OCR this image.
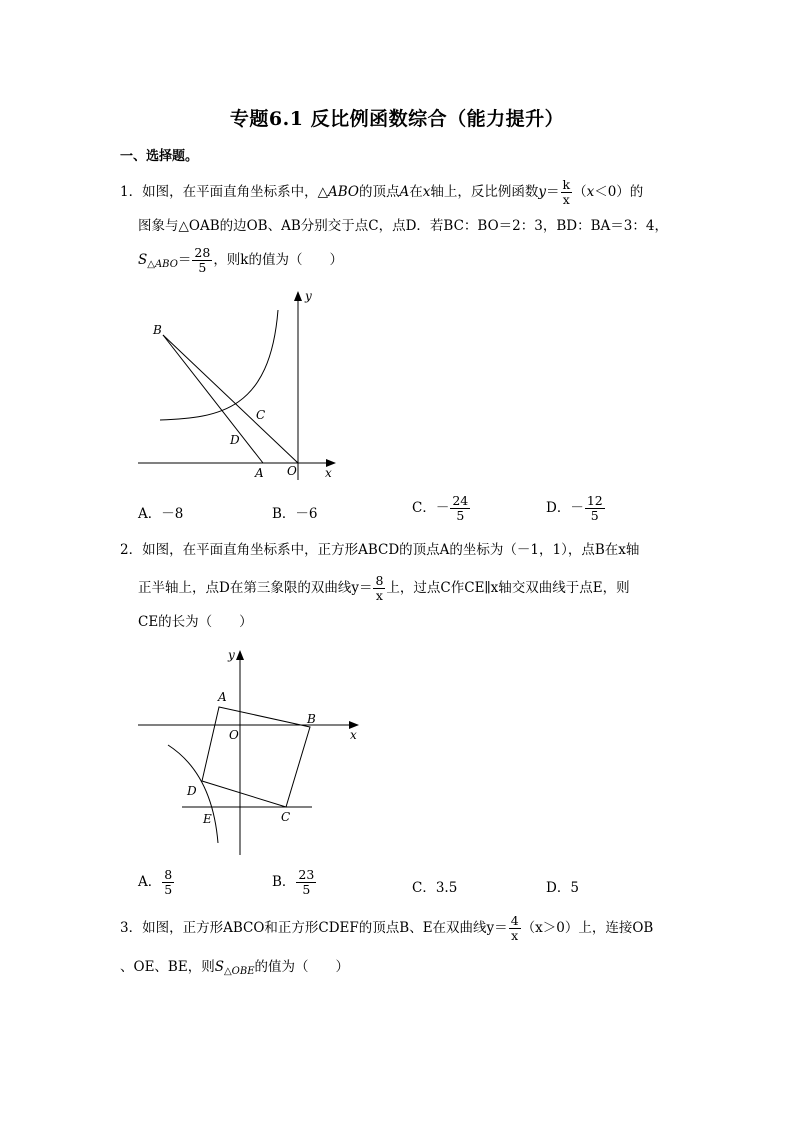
专题6.1 反比例函数综合（能力提升）
一、选择题。
1．如图，在平面直角坐标系中，△ABO的顶点A在x轴上，反比例函数$y= \frac{k}{x} (x<0)$的
图象与△OAB的边OB、AB分别交于点C，点D．若BC：BO＝2：3，BD：BA＝3：4，
$S_{\triangle ABO}= \frac{28}{5}$ ，则k的值为（　　）
y
x
B
C
D
A O
A．－8	B．－6	C．－ $\frac{24}{5}$	D．－ $\frac{12}{5}$
2．如图，在平面直角坐标系中，正方形ABCD的顶点A的坐标为（－1，1），点B在x轴
正半轴上，点D在第三象限的双曲线$y= \frac{8}{x}$ 上，过点C作CE∥x轴交双曲线于点E，则
CE的长为（　　）
y
x
A
B
O
D
C
E
A． $\frac{8}{5}$	B． $\frac{23}{5}$	C．3.5	D．5
3．如图，正方形ABCO和正方形CDEF的顶点B、E在双曲线$y= \frac{4}{x} (x>0)$上，连接OB
、OE、BE，则$S_{\triangle OBE}$的值为（　　）
